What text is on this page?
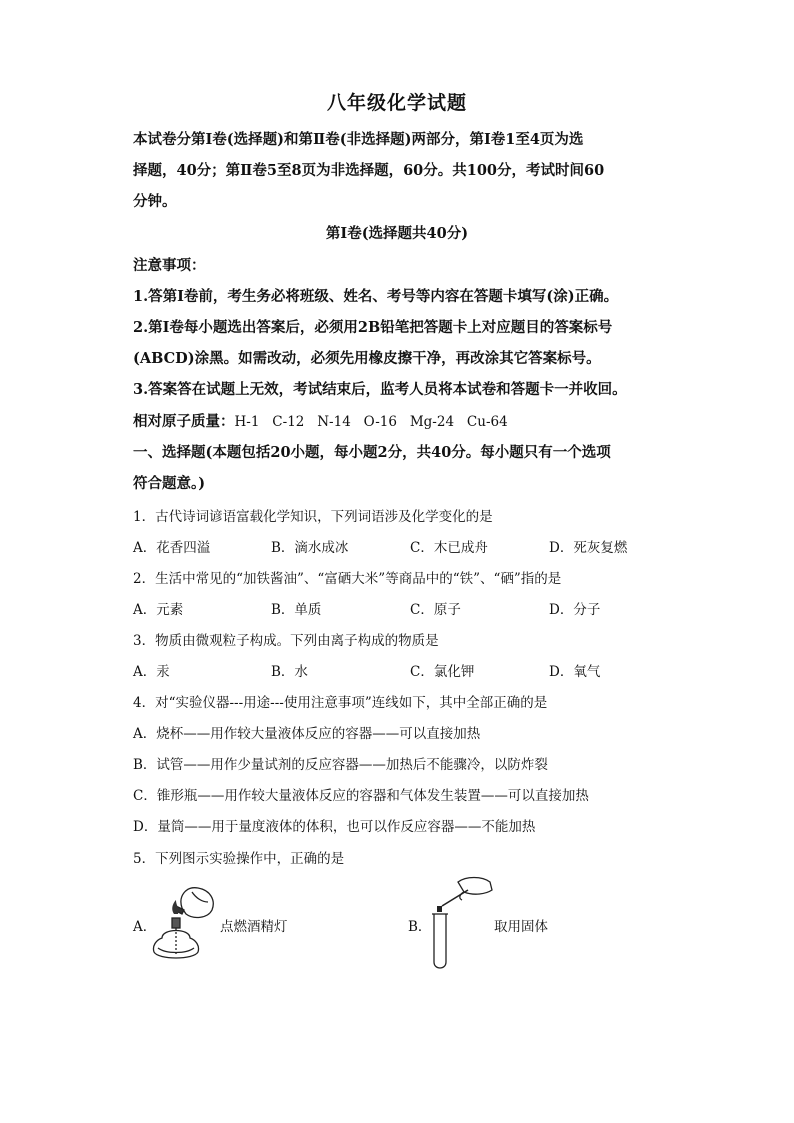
八年级化学试题
本试卷分第Ⅰ卷(选择题)和第Ⅱ卷(非选择题)两部分，第Ⅰ卷1至4页为选
择题，40分；第Ⅱ卷5至8页为非选择题，60分。共100分，考试时间60
分钟。
第Ⅰ卷(选择题共40分)
注意事项：
1.答第Ⅰ卷前，考生务必将班级、姓名、考号等内容在答题卡填写(涂)正确。
2.第Ⅰ卷每小题选出答案后，必须用2B铅笔把答题卡上对应题目的答案标号
(ABCD)涂黑。如需改动，必须先用橡皮擦干净，再改涂其它答案标号。
3.答案答在试题上无效，考试结束后，监考人员将本试卷和答题卡一并收回。
相对原子质量：H-1   C-12   N-14   O-16   Mg-24   Cu-64
一、选择题(本题包括20小题，每小题2分，共40分。每小题只有一个选项
符合题意。)
1．古代诗词谚语富载化学知识，下列词语涉及化学变化的是
A．花香四溢	B．滴水成冰	C．木已成舟	D．死灰复燃
2．生活中常见的“加铁酱油”、“富硒大米”等商品中的“铁”、“硒”指的是
A．元素	B．单质	C．原子	D．分子
3．物质由微观粒子构成。下列由离子构成的物质是
A．汞	B．水	C．氯化钾	D．氧气
4．对“实验仪器---用途---使用注意事项”连线如下，其中全部正确的是
A．烧杯——用作较大量液体反应的容器——可以直接加热
B．试管——用作少量试剂的反应容器——加热后不能骤冷，以防炸裂
C．锥形瓶——用作较大量液体反应的容器和气体发生装置——可以直接加热
D．量筒——用于量度液体的体积，也可以作反应容器——不能加热
5．下列图示实验操作中，正确的是
A．	点燃酒精灯	B．	取用固体
